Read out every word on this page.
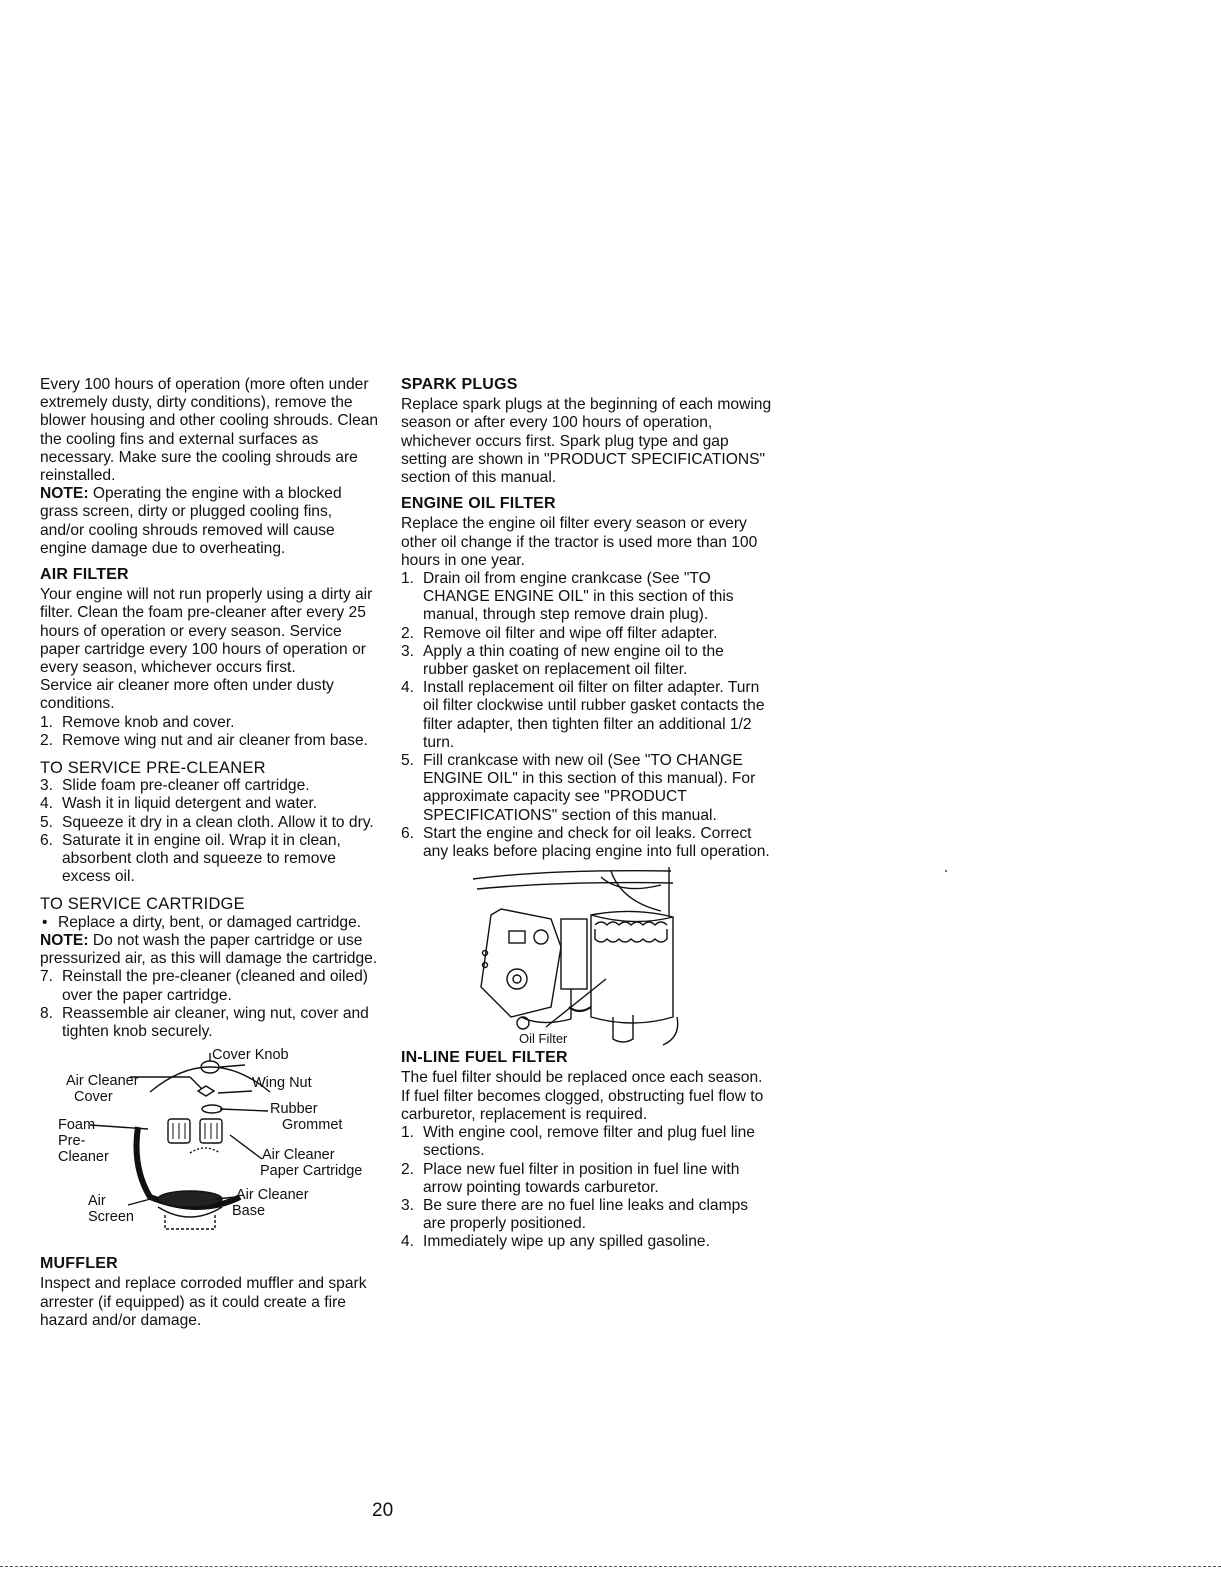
Every 100 hours of operation (more often under extremely dusty, dirty conditions), remove the blower housing and other cooling shrouds. Clean the cooling fins and external surfaces as necessary. Make sure the cooling shrouds are reinstalled.

NOTE: Operating the engine with a blocked grass screen, dirty or plugged cooling fins, and/or cooling shrouds removed will cause engine damage due to overheating.

AIR FILTER

Your engine will not run properly using a dirty air filter. Clean the foam pre-cleaner after every 25 hours of operation or every season. Service paper cartridge every 100 hours of operation or every season, whichever occurs first.

Service air cleaner more often under dusty conditions.

1. Remove knob and cover.
2. Remove wing nut and air cleaner from base.
TO SERVICE PRE-CLEANER
3. Slide foam pre-cleaner off cartridge.
4. Wash it in liquid detergent and water.
5. Squeeze it dry in a clean cloth. Allow it to dry.
6. Saturate it in engine oil. Wrap it in clean, absorbent cloth and squeeze to remove excess oil.
TO SERVICE CARTRIDGE
• Replace a dirty, bent, or damaged cartridge.

NOTE: Do not wash the paper cartridge or use pressurized air, as this will damage the cartridge.

7. Reinstall the pre-cleaner (cleaned and oiled) over the paper cartridge.
8. Reassemble air cleaner, wing nut, cover and tighten knob securely.
Cover Knob
Air Cleaner
Cover
Wing Nut
Rubber
Grommet
Foam
Pre-
Cleaner	Air Cleaner
Paper Cartridge
Air
Screen
Air Cleaner
Base
MUFFLER

Inspect and replace corroded muffler and spark arrester (if equipped) as it could create a fire hazard and/or damage.

SPARK PLUGS

Replace spark plugs at the beginning of each mowing season or after every 100 hours of operation, whichever occurs first. Spark plug type and gap setting are shown in "PRODUCT SPECIFICATIONS" section of this manual.

ENGINE OIL FILTER

Replace the engine oil filter every season or every other oil change if the tractor is used more than 100 hours in one year.

1. Drain oil from engine crankcase (See "TO CHANGE ENGINE OIL" in this section of this manual, through step remove drain plug).
2. Remove oil filter and wipe off filter adapter.
3. Apply a thin coating of new engine oil to the rubber gasket on replacement oil filter.
4. Install replacement oil filter on filter adapter. Turn oil filter clockwise until rubber gasket contacts the filter adapter, then tighten filter an additional 1/2 turn.
5. Fill crankcase with new oil (See "TO CHANGE ENGINE OIL" in this section of this manual). For approximate capacity see "PRODUCT SPECIFICATIONS" section of this manual.
6. Start the engine and check for oil leaks. Correct any leaks before placing engine into full operation.
Oil Filter
IN-LINE FUEL FILTER

The fuel filter should be replaced once each season. If fuel filter becomes clogged, obstructing fuel flow to carburetor, replacement is required.

1. With engine cool, remove filter and plug fuel line sections.
2. Place new fuel filter in position in fuel line with arrow pointing towards carburetor.
3. Be sure there are no fuel line leaks and clamps are properly positioned.
4. Immediately wipe up any spilled gasoline.
20
